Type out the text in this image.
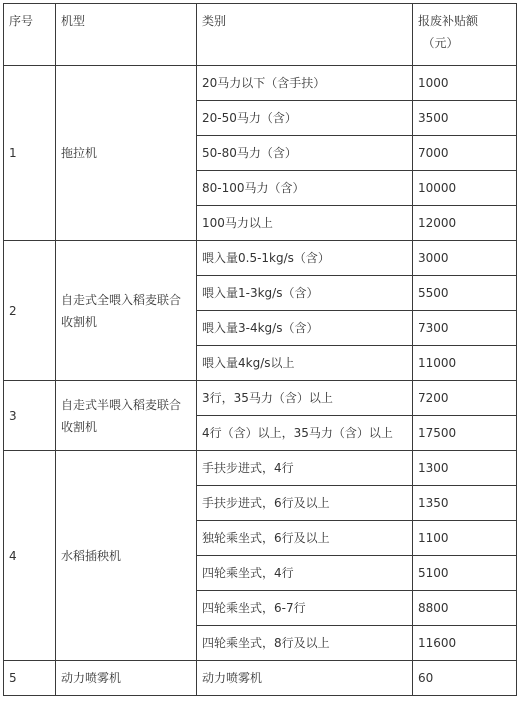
序号	机型	类别	报废补贴额
（元）

1	拖拉机	20马力以下（含手扶）	1000
		20-50马力（含）	3500
		50-80马力（含）	7000
		80-100马力（含）	10000
		100马力以上	12000
2	自走式全喂入稻麦联合收割机	喂入量0.5-1kg/s（含）	3000
		喂入量1-3kg/s（含）	5500
		喂入量3-4kg/s（含）	7300
		喂入量4kg/s以上	11000
3	自走式半喂入稻麦联合收割机	3行，35马力（含）以上	7200
		4行（含）以上，35马力（含）以上	17500
4	水稻插秧机	手扶步进式，4行	1300
		手扶步进式，6行及以上	1350
		独轮乘坐式，6行及以上	1100
		四轮乘坐式，4行	5100
		四轮乘坐式，6-7行	8800
		四轮乘坐式，8行及以上	11600
5	动力喷雾机	动力喷雾机	60
